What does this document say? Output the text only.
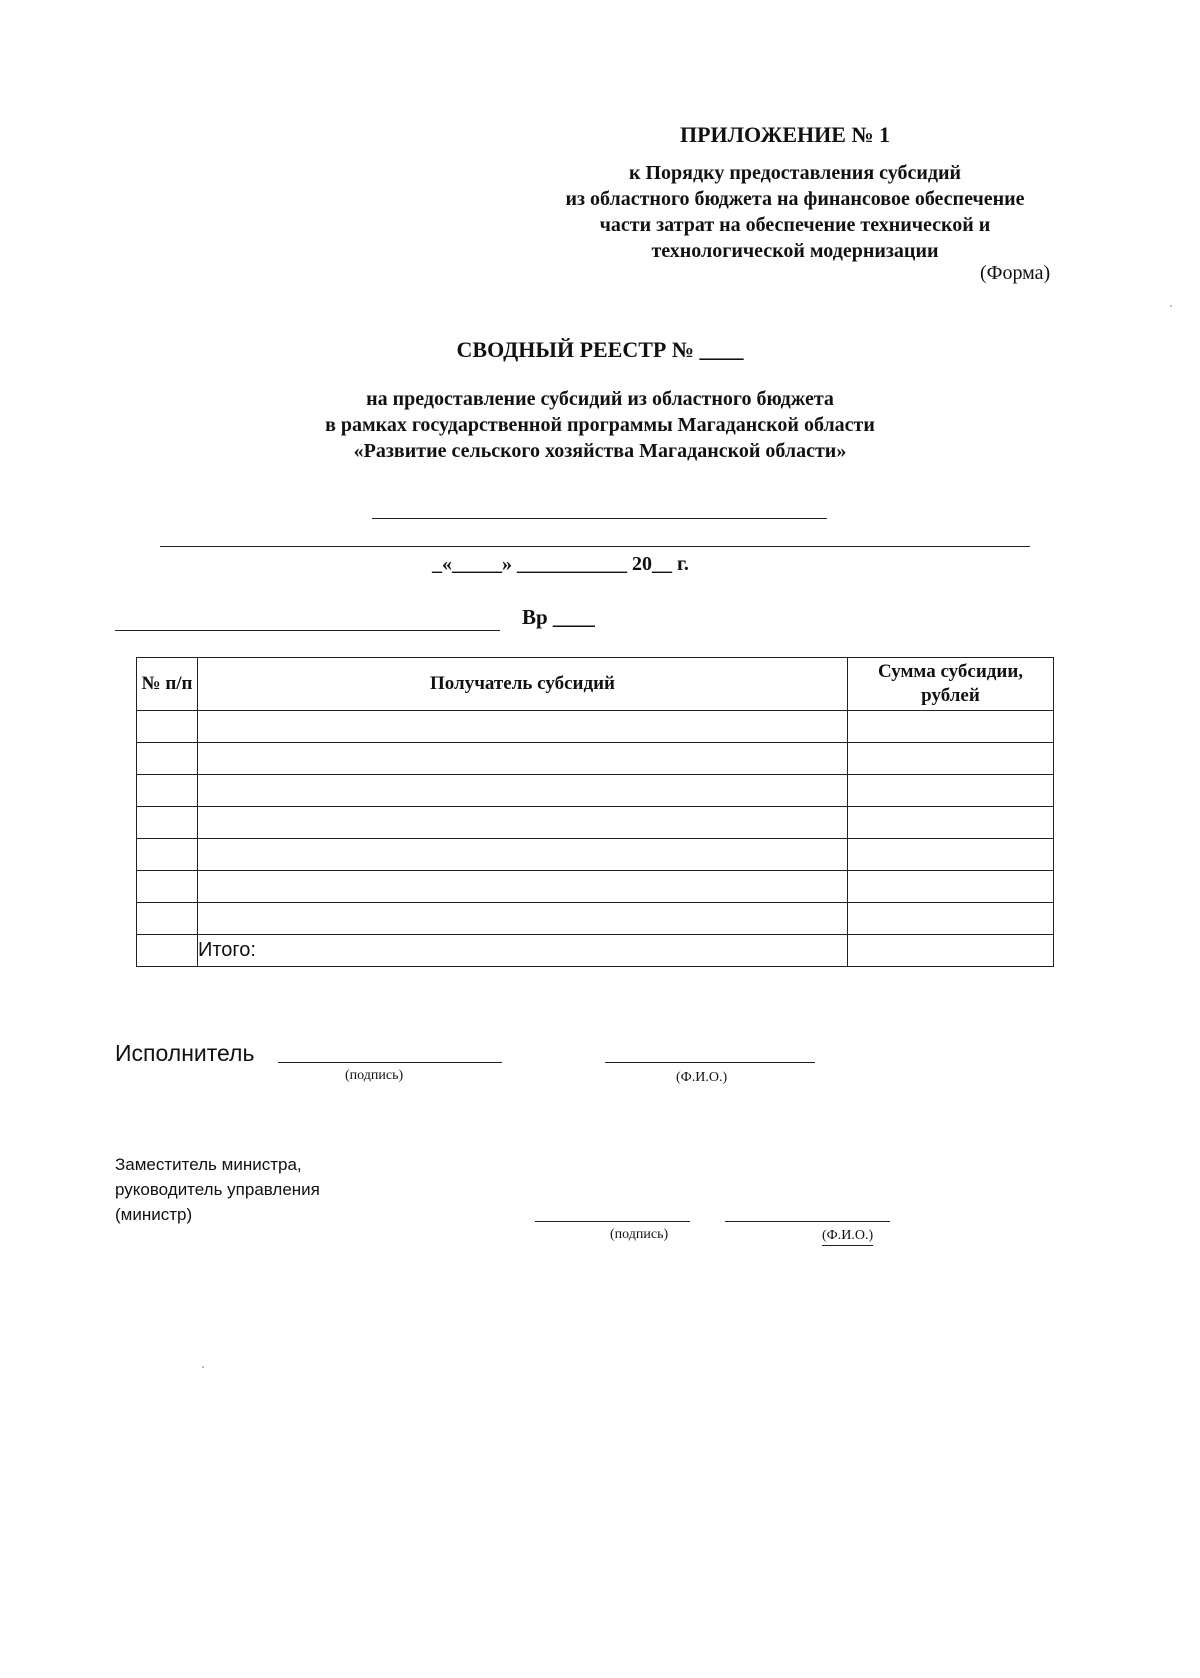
ПРИЛОЖЕНИЕ № 1
к Порядку предоставления субсидий
из областного бюджета на финансовое обеспечение
части затрат на обеспечение технической и
технологической модернизации
(Форма)
СВОДНЫЙ РЕЕСТР № ____
на предоставление субсидий из областного бюджета
в рамках государственной программы Магаданской области
«Развитие сельского хозяйства Магаданской области»
_«_____» ___________ 20__ г.
Вр ____
№ п/п	Получатель субсидий	Сумма субсидии, рублей

	Итого:	
Исполнитель
(подпись)	(Ф.И.О.)
Заместитель министра,
руководитель управления
(министр)
(подпись)	(Ф.И.О.)
